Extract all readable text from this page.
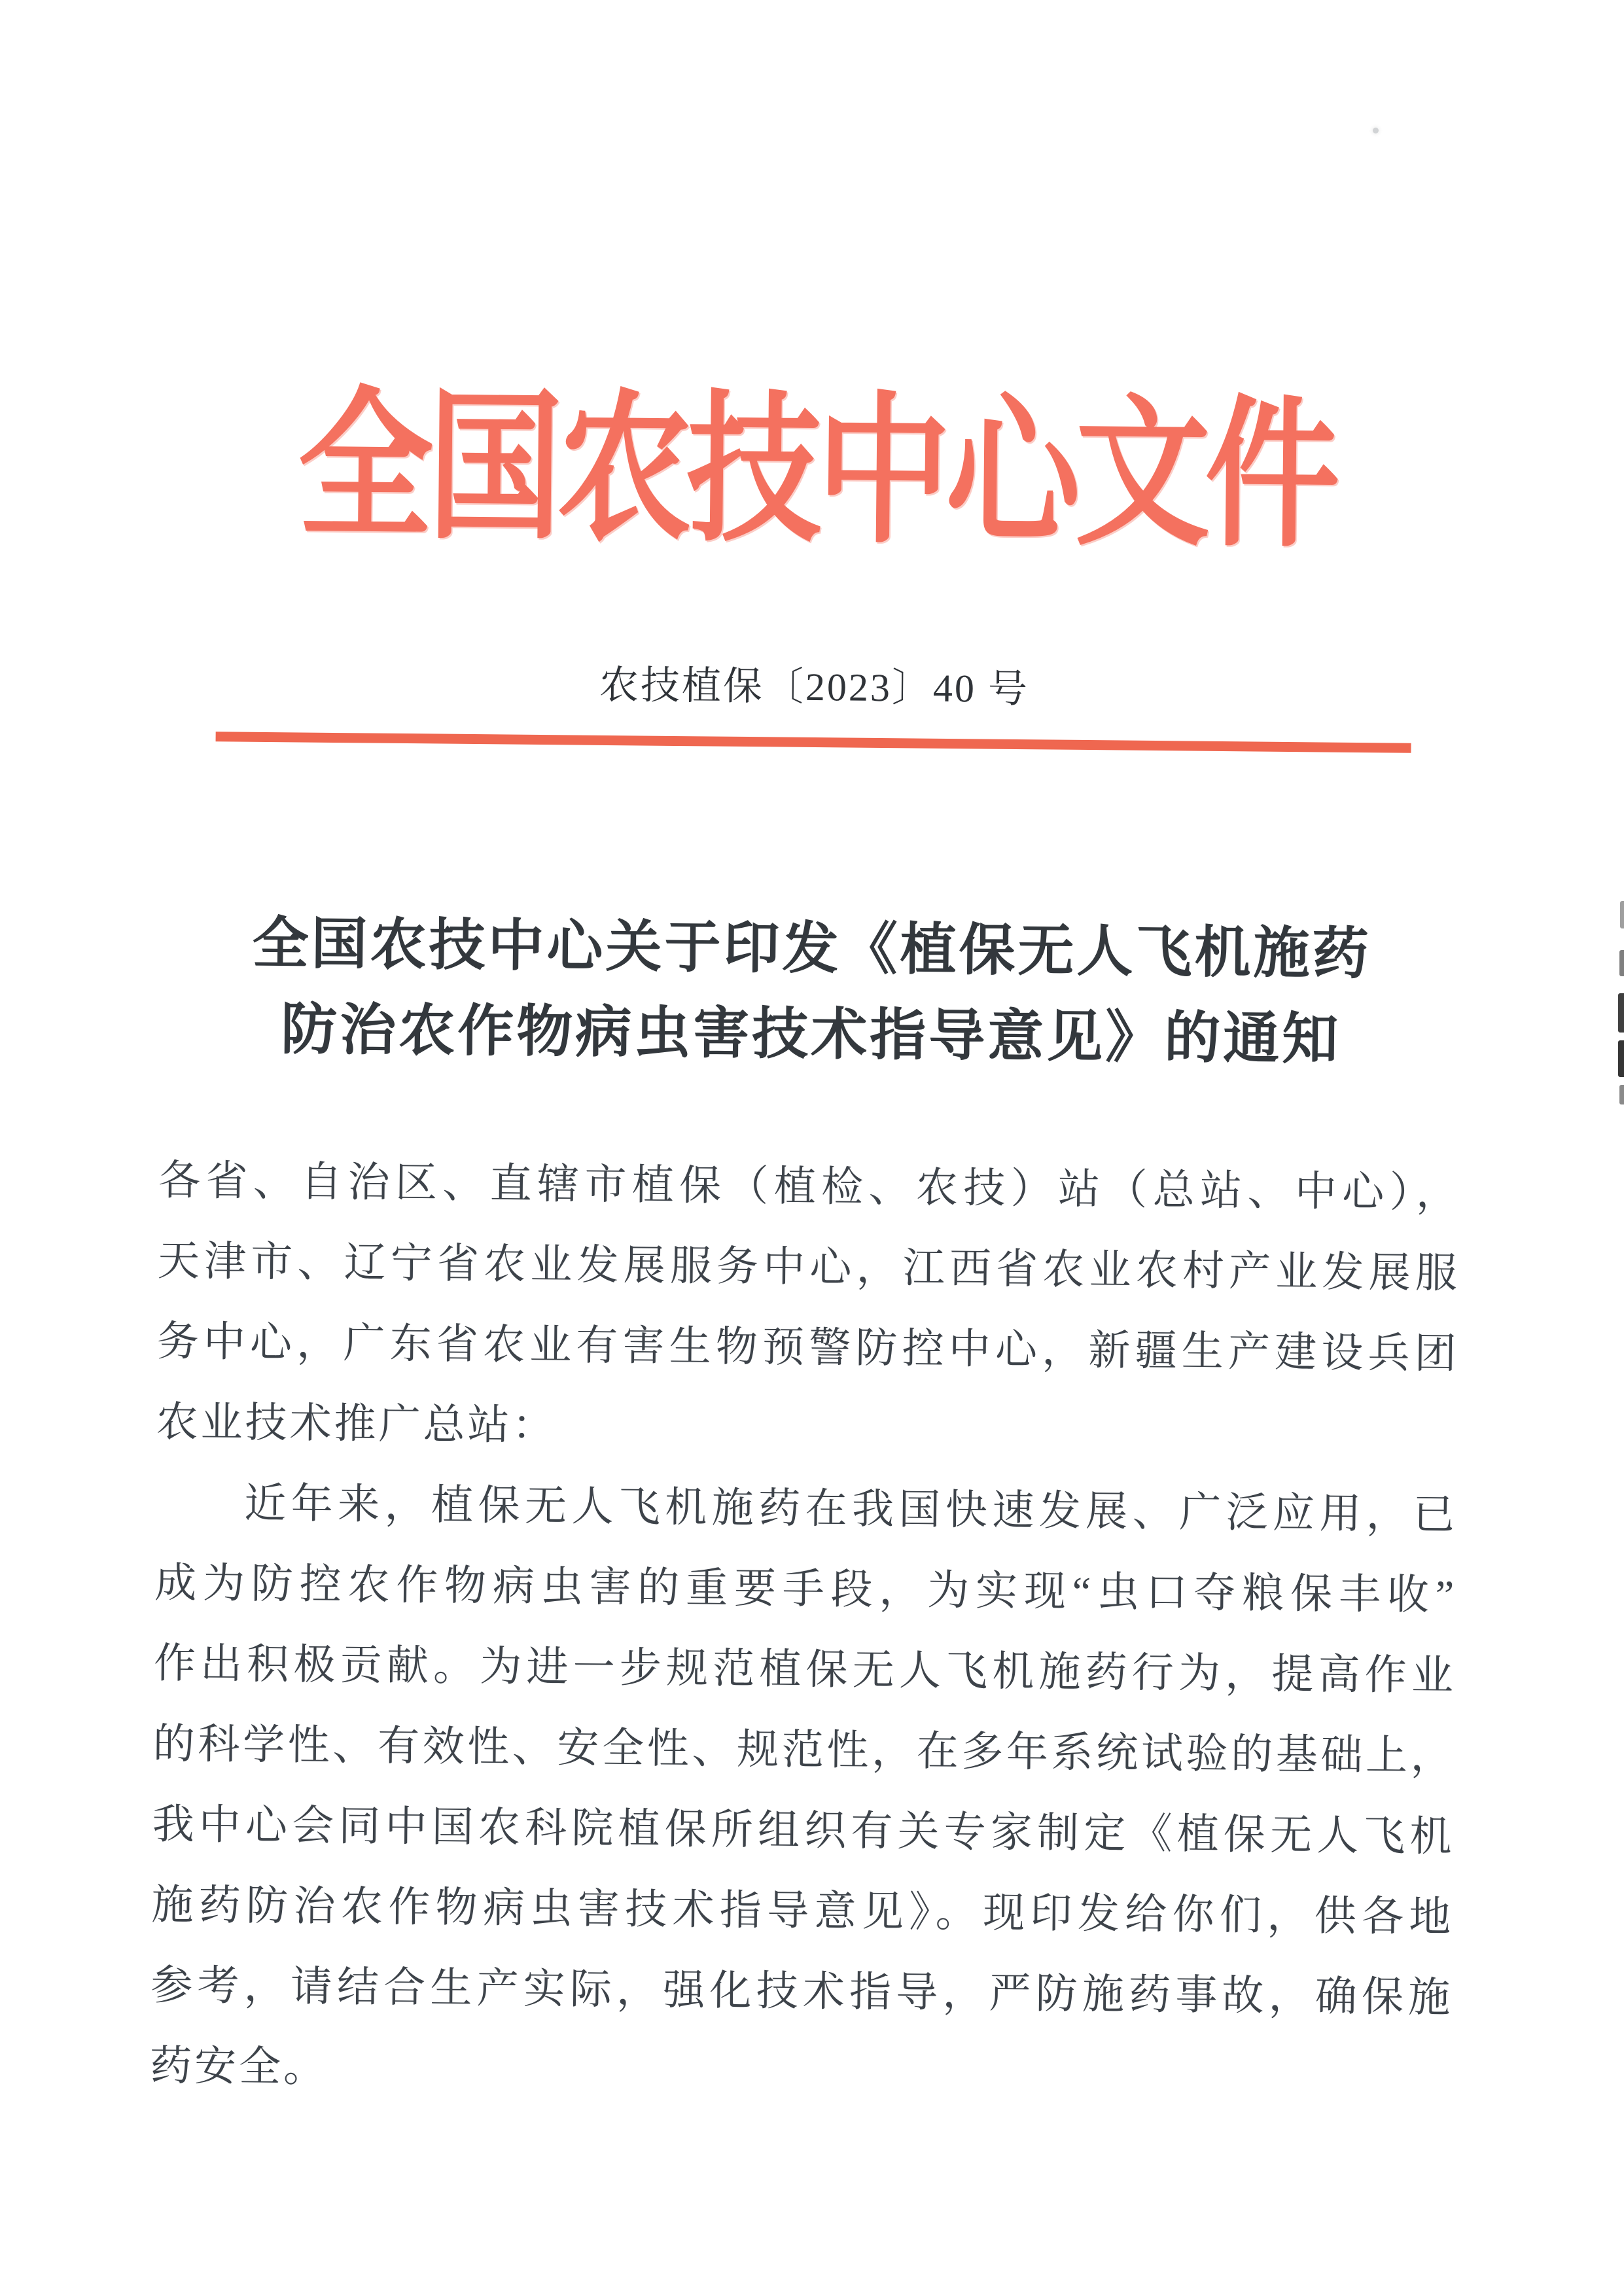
全国农技中心文件
农技植保〔2023〕40 号
全国农技中心关于印发《植保无人飞机施药
防治农作物病虫害技术指导意见》的通知
各省、自治区、直辖市植保（植检、农技）站（总站、中心），
天津市、辽宁省农业发展服务中心，江西省农业农村产业发展服
务中心，广东省农业有害生物预警防控中心，新疆生产建设兵团
农业技术推广总站：
近年来，植保无人飞机施药在我国快速发展、广泛应用，已
成为防控农作物病虫害的重要手段，为实现“虫口夺粮保丰收”
作出积极贡献。为进一步规范植保无人飞机施药行为，提高作业
的科学性、有效性、安全性、规范性，在多年系统试验的基础上，
我中心会同中国农科院植保所组织有关专家制定《植保无人飞机
施药防治农作物病虫害技术指导意见》。现印发给你们，供各地
参考，请结合生产实际，强化技术指导，严防施药事故，确保施
药安全。
